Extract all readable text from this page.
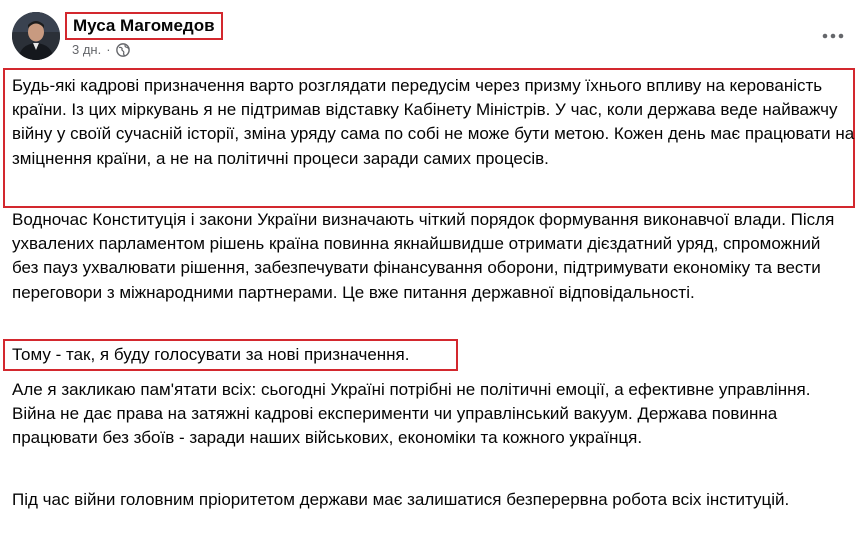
Муса Магомедов
3 дн. ·

Будь-які кадрові призначення варто розглядати передусім через призму їхнього впливу на керованість країни. Із цих міркувань я не підтримав відставку Кабінету Міністрів. У час, коли держава веде найважчу війну у своїй сучасній історії, зміна уряду сама по собі не може бути метою. Кожен день має працювати на зміцнення країни, а не на політичні процеси заради самих процесів.

Водночас Конституція і закони України визначають чіткий порядок формування виконавчої влади. Після ухвалених парламентом рішень країна повинна якнайшвидше отримати дієздатний уряд, спроможний без пауз ухвалювати рішення, забезпечувати фінансування оборони, підтримувати економіку та вести переговори з міжнародними партнерами. Це вже питання державної відповідальності.

Тому - так, я буду голосувати за нові призначення.

Але я закликаю пам'ятати всіх: сьогодні Україні потрібні не політичні емоції, а ефективне управління. Війна не дає права на затяжні кадрові експерименти чи управлінський вакуум. Держава повинна працювати без збоїв - заради наших військових, економіки та кожного українця.

Під час війни головним пріоритетом держави має залишатися безперервна робота всіх інституцій.
